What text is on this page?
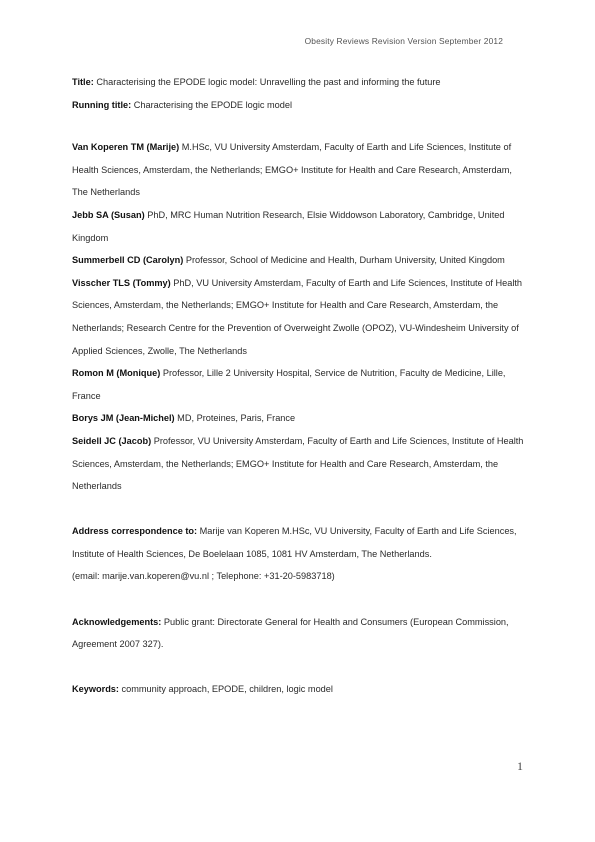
Obesity Reviews Revision Version September 2012

Title: Characterising the EPODE logic model: Unravelling the past and informing the future

Running title: Characterising the EPODE logic model

Van Koperen TM (Marije) M.HSc, VU University Amsterdam, Faculty of Earth and Life Sciences, Institute of Health Sciences, Amsterdam, the Netherlands; EMGO+ Institute for Health and Care Research, Amsterdam, The Netherlands

Jebb SA (Susan) PhD, MRC Human Nutrition Research, Elsie Widdowson Laboratory, Cambridge, United Kingdom

Summerbell CD (Carolyn) Professor, School of Medicine and Health, Durham University, United Kingdom

Visscher TLS (Tommy) PhD, VU University Amsterdam, Faculty of Earth and Life Sciences, Institute of Health Sciences, Amsterdam, the Netherlands; EMGO+ Institute for Health and Care Research, Amsterdam, the Netherlands; Research Centre for the Prevention of Overweight Zwolle (OPOZ), VU-Windesheim University of Applied Sciences, Zwolle, The Netherlands

Romon M (Monique) Professor, Lille 2 University Hospital, Service de Nutrition, Faculty de Medicine, Lille, France

Borys JM (Jean-Michel) MD, Proteines, Paris, France

Seidell JC (Jacob) Professor, VU University Amsterdam, Faculty of Earth and Life Sciences, Institute of Health Sciences, Amsterdam, the Netherlands; EMGO+ Institute for Health and Care Research, Amsterdam, the Netherlands

Address correspondence to: Marije van Koperen M.HSc, VU University, Faculty of Earth and Life Sciences, Institute of Health Sciences, De Boelelaan 1085, 1081 HV Amsterdam, The Netherlands.

(email: marije.van.koperen@vu.nl ; Telephone: +31-20-5983718)

Acknowledgements: Public grant: Directorate General for Health and Consumers (European Commission, Agreement 2007 327).

Keywords: community approach, EPODE, children, logic model

1
